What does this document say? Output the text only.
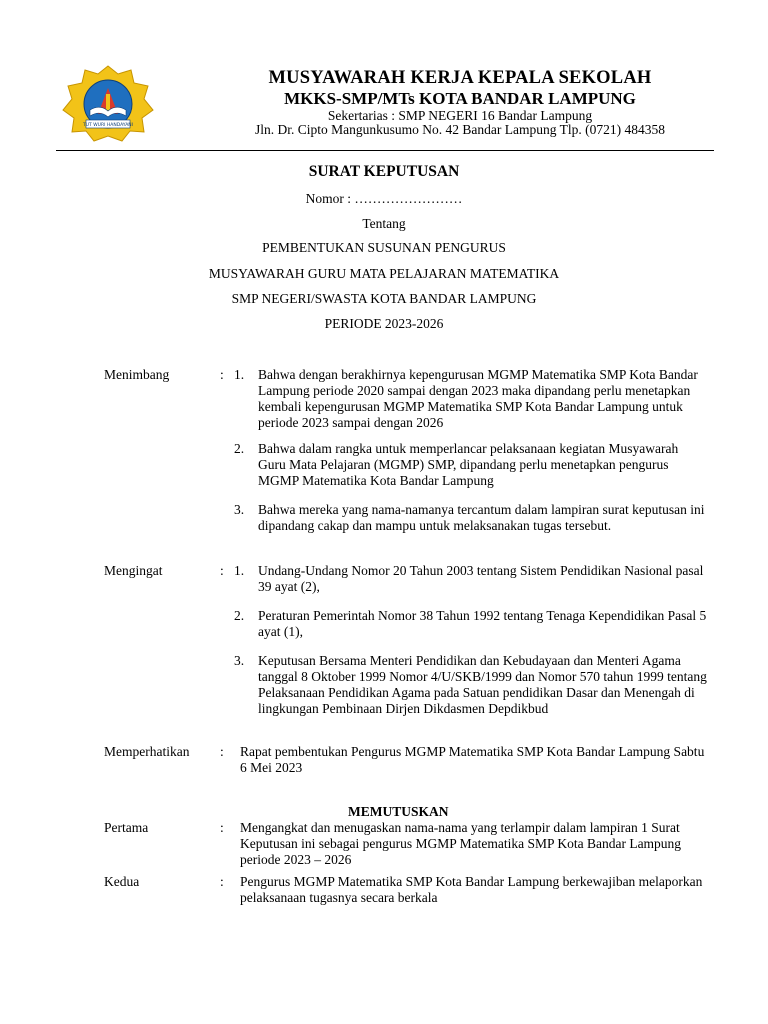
TUT WURI HANDAYANI
MUSYAWARAH KERJA KEPALA SEKOLAH
MKKS-SMP/MTs KOTA BANDAR LAMPUNG
Sekertarias : SMP NEGERI 16 Bandar Lampung
Jln. Dr. Cipto Mangunkusumo No. 42 Bandar Lampung Tlp. (0721) 484358
SURAT KEPUTUSAN
Nomor : ……………………
Tentang
PEMBENTUKAN SUSUNAN PENGURUS
MUSYAWARAH GURU MATA PELAJARAN MATEMATIKA
SMP NEGERI/SWASTA KOTA BANDAR LAMPUNG
PERIODE 2023-2026
Menimbang	: 1. Bahwa dengan berakhirnya kepengurusan MGMP Matematika SMP Kota Bandar Lampung periode 2020 sampai dengan 2023 maka dipandang perlu menetapkan kembali kepengurusan MGMP Matematika SMP Kota Bandar Lampung untuk periode 2023 sampai dengan 2026
2. Bahwa dalam rangka untuk memperlancar pelaksanaan kegiatan Musyawarah Guru Mata Pelajaran (MGMP) SMP, dipandang perlu menetapkan pengurus MGMP Matematika Kota Bandar Lampung
3. Bahwa mereka yang nama-namanya tercantum dalam lampiran surat keputusan ini dipandang cakap dan mampu untuk melaksanakan tugas tersebut.
Mengingat	: 1. Undang-Undang Nomor 20 Tahun 2003 tentang Sistem Pendidikan Nasional pasal 39 ayat (2),
2. Peraturan Pemerintah Nomor 38 Tahun 1992 tentang Tenaga Kependidikan Pasal 5 ayat (1),
3. Keputusan Bersama Menteri Pendidikan dan Kebudayaan dan Menteri Agama tanggal 8 Oktober 1999 Nomor 4/U/SKB/1999 dan Nomor 570 tahun 1999 tentang Pelaksanaan Pendidikan Agama pada Satuan pendidikan Dasar dan Menengah di lingkungan Pembinaan Dirjen Dikdasmen Depdikbud
Memperhatikan : Rapat pembentukan Pengurus MGMP Matematika SMP Kota Bandar Lampung Sabtu 6 Mei 2023
MEMUTUSKAN
Pertama	: Mengangkat dan menugaskan nama-nama yang terlampir dalam lampiran 1 Surat Keputusan ini sebagai pengurus MGMP Matematika SMP Kota Bandar Lampung periode 2023 – 2026
Kedua	: Pengurus MGMP Matematika SMP Kota Bandar Lampung berkewajiban melaporkan pelaksanaan tugasnya secara berkala
